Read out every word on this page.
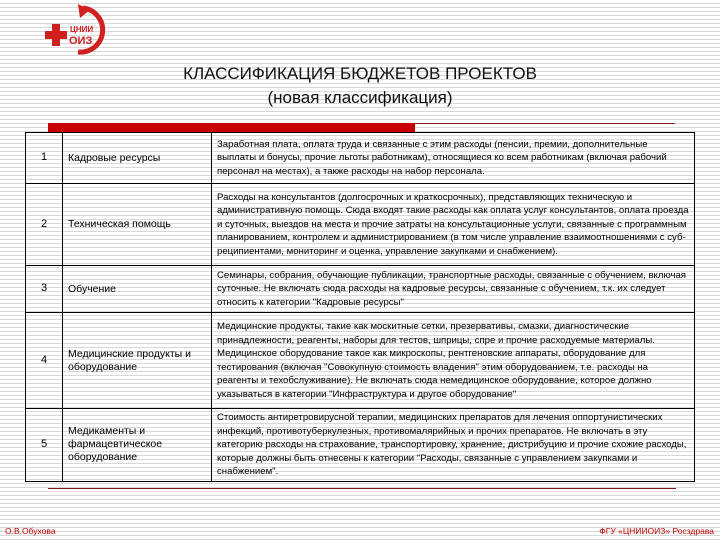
ЦНИИ
ОИЗ
КЛАССИФИКАЦИЯ БЮДЖЕТОВ ПРОЕКТОВ
(новая классификация)
1	Кадровые ресурсы	Заработная плата, оплата труда и связанные с этим расходы (пенсии, премии, дополнительные выплаты и бонусы, прочие льготы работникам), относящиеся ко всем работникам (включая рабочий персонал на местах), а также расходы на набор персонала.
2	Техническая помощь	Расходы на консультантов (долгосрочных и краткосрочных), представляющих техническую и административную помощь. Сюда входят такие расходы как оплата услуг консультантов, оплата проезда и суточных, выездов на места и прочие затраты на консультационные услуги, связанные с программным планированием, контролем и администрированием (в том числе управление взаимоотношениями с суб-реципиентами, мониторинг и оценка, управление закупками и снабжением).
3	Обучение	Семинары, собрания, обучающие публикации, транспортные расходы, связанные с обучением, включая суточные. Не включать сюда расходы на кадровые ресурсы, связанные с обучением, т.к. их следует относить к категории "Кадровые ресурсы"
4	Медицинские продукты и оборудование	Медицинские продукты, такие как москитные сетки, презервативы, смазки, диагностические принадлежности, реагенты, наборы для тестов, шприцы, спре и прочие расходуемые материалы. Медицинское оборудование такое как микроскопы, рентгеновские аппараты, оборудование для тестирования (включая "Совокупную стоимость владения" этим оборудованием, т.е. расходы на реагенты и техобслуживание). Не включать сюда немедицинское оборудование, которое должно указываться в категории "Инфраструктура и другое оборудование"
5	Медикаменты и фармацевтическое оборудование	Стоимость антиретровирусной терапии, медицинских препаратов для лечения оппортунистических инфекций, противотуберкулезных, противомалярийных и прочих препаратов. Не включать в эту категорию расходы на страхование, транспортировку, хранение, дистрибуцию и прочие схожие расходы, которые должны быть отнесены к категории "Расходы, связанные с управлением закупками и снабжением".
О.В.Обухова	ФГУ «ЦНИИОИЗ» Росздрава
